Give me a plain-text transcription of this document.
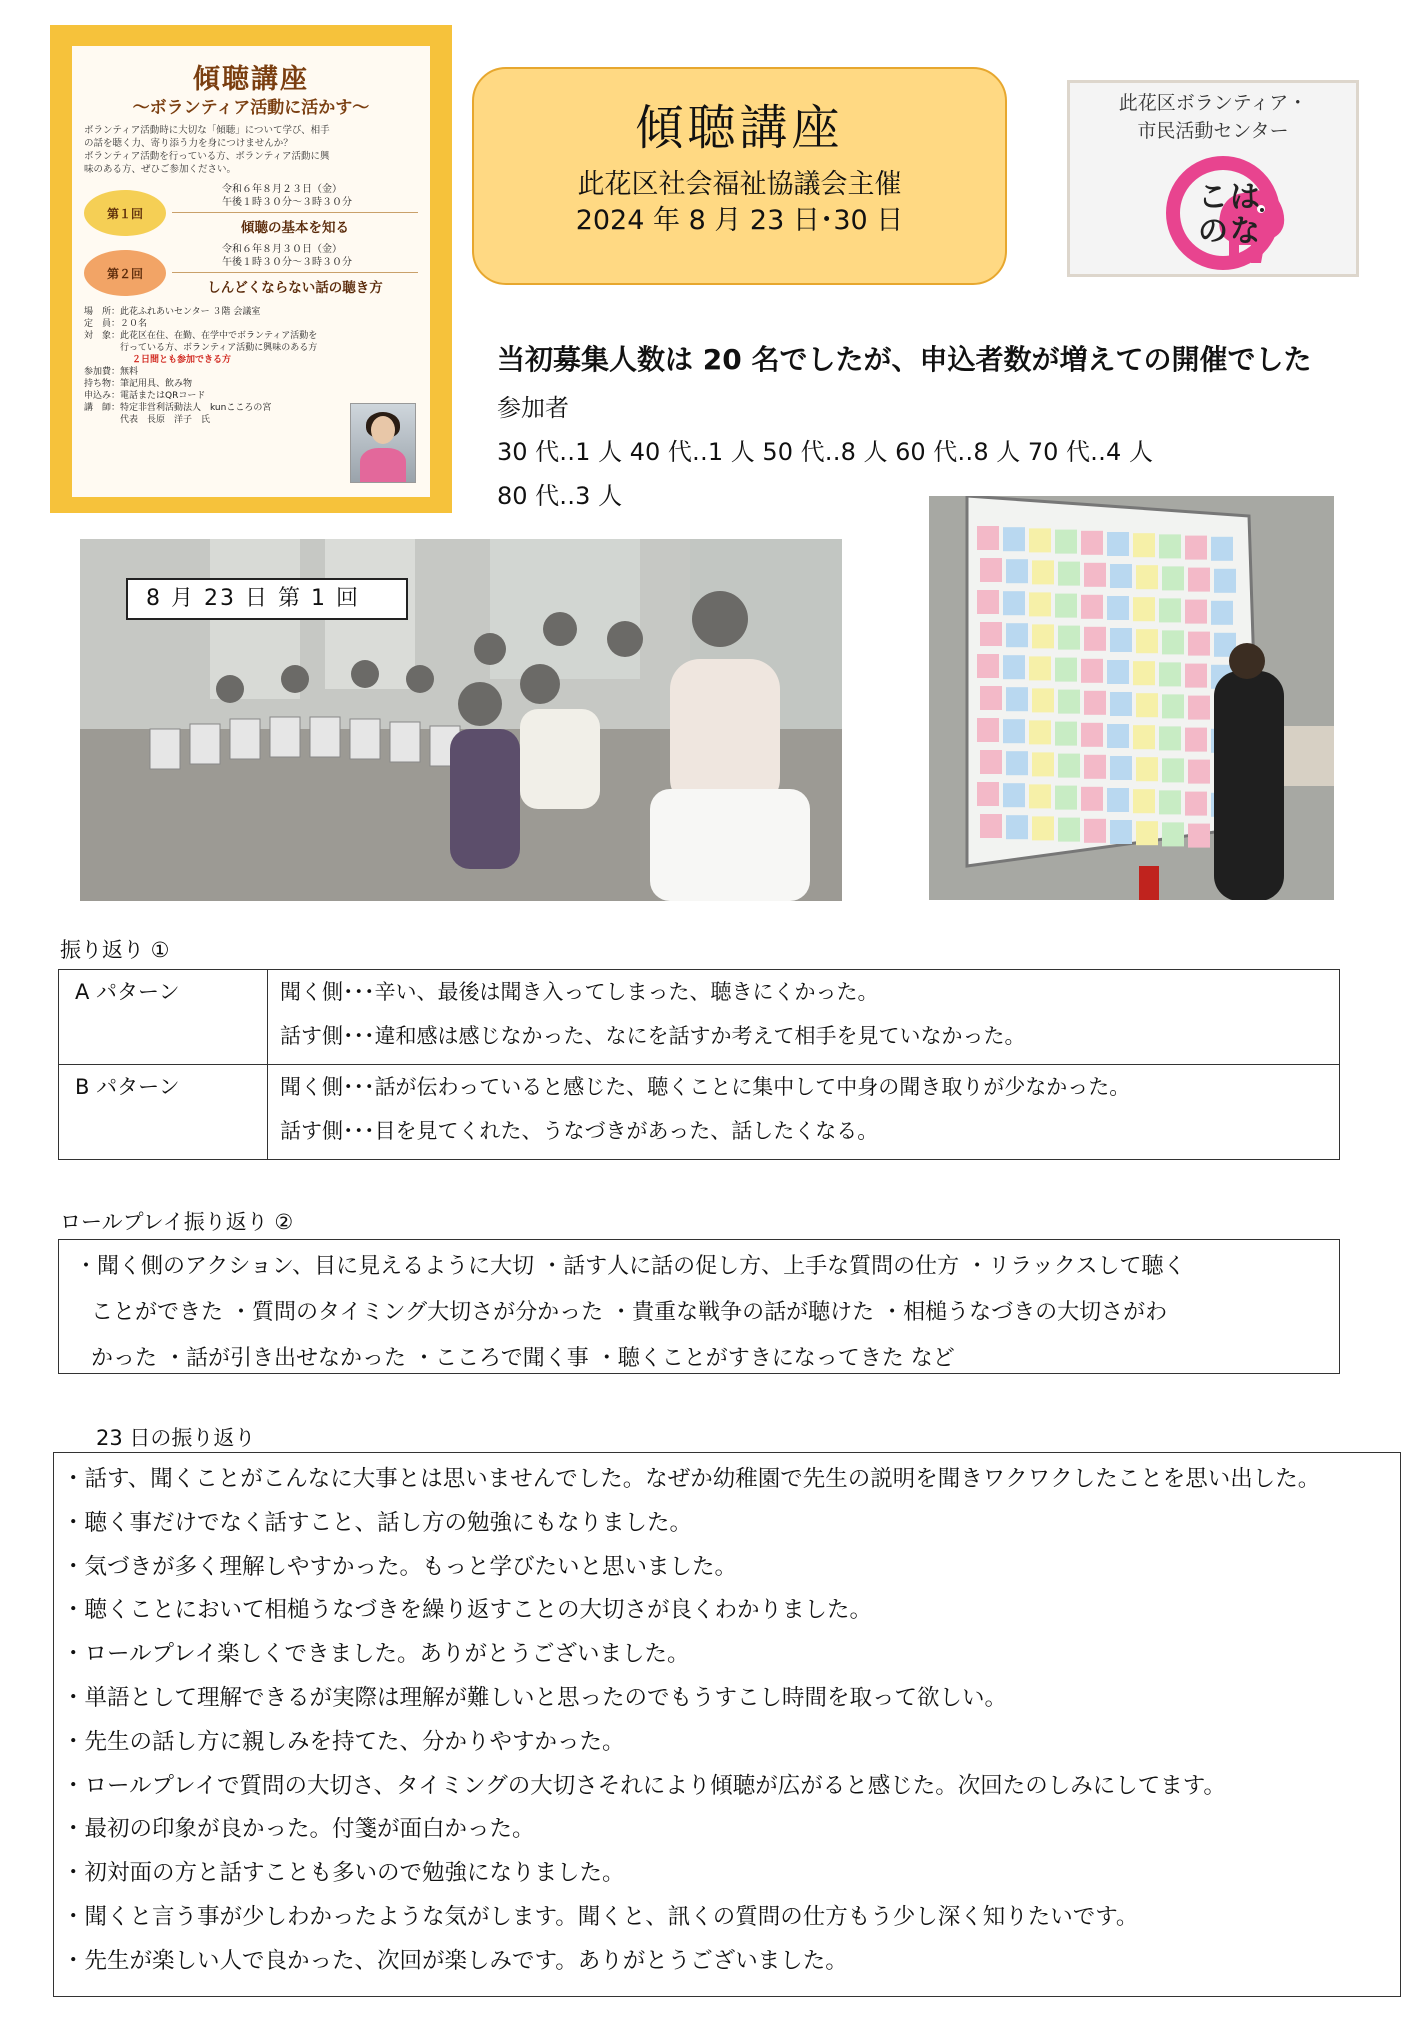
傾聴講座
〜ボランティア活動に活かす〜
ボランティア活動時に大切な「傾聴」について学び、相手
の話を聴く力、寄り添う力を身につけませんか？
ボランティア活動を行っている方、ボランティア活動に興
味のある方、ぜひご参加ください。
第１回
令和６年８月２３日（金）
午後１時３０分〜３時３０分
傾聴の基本を知る
第２回
令和６年８月３０日（金）
午後１時３０分〜３時３０分
しんどくならない話の聴き方
場　所：此花ふれあいセンター ３階 会議室
定　員：２０名
対　象：此花区在住、在勤、在学中でボランティア活動を
　　　　行っている方、ボランティア活動に興味のある方
２日間とも参加できる方
参加費：無料
持ち物：筆記用具、飲み物
申込み：電話またはQRコード
講　師：特定非営利活動法人　kunこころの宮
　　　　代表　長原　洋子　氏
傾聴講座
此花区社会福祉協議会主催
2024 年 8 月 23 日･30 日
此花区ボランティア・
市民活動センター
こは
のな
当初募集人数は 20 名でしたが、申込者数が増えての開催でした
参加者
30 代‥1 人 40 代‥1 人 50 代‥8 人 60 代‥8 人 70 代‥4 人
80 代‥3 人
8 月 23 日 第 1 回
振り返り ①
A パターン	聞く側･･･辛い、最後は聞き入ってしまった、聴きにくかった。
話す側･･･違和感は感じなかった、なにを話すか考えて相手を見ていなかった。

B パターン	聞く側･･･話が伝わっていると感じた、聴くことに集中して中身の聞き取りが少なかった。
話す側･･･目を見てくれた、うなづきがあった、話したくなる。
ロールプレイ振り返り ②
・聞く側のアクション、目に見えるように大切 ・話す人に話の促し方、上手な質問の仕方 ・リラックスして聴く
ことができた ・質問のタイミング大切さが分かった ・貴重な戦争の話が聴けた ・相槌うなづきの大切さがわ
かった ・話が引き出せなかった ・こころで聞く事 ・聴くことがすきになってきた など
23 日の振り返り
・話す、聞くことがこんなに大事とは思いませんでした。なぜか幼稚園で先生の説明を聞きワクワクしたことを思い出した。
・聴く事だけでなく話すこと、話し方の勉強にもなりました。
・気づきが多く理解しやすかった。もっと学びたいと思いました。
・聴くことにおいて相槌うなづきを繰り返すことの大切さが良くわかりました。
・ロールプレイ楽しくできました。ありがとうございました。
・単語として理解できるが実際は理解が難しいと思ったのでもうすこし時間を取って欲しい。
・先生の話し方に親しみを持てた、分かりやすかった。
・ロールプレイで質問の大切さ、タイミングの大切さそれにより傾聴が広がると感じた。次回たのしみにしてます。
・最初の印象が良かった。付箋が面白かった。
・初対面の方と話すことも多いので勉強になりました。
・聞くと言う事が少しわかったような気がします。聞くと、訊くの質問の仕方もう少し深く知りたいです。
・先生が楽しい人で良かった、次回が楽しみです。ありがとうございました。
